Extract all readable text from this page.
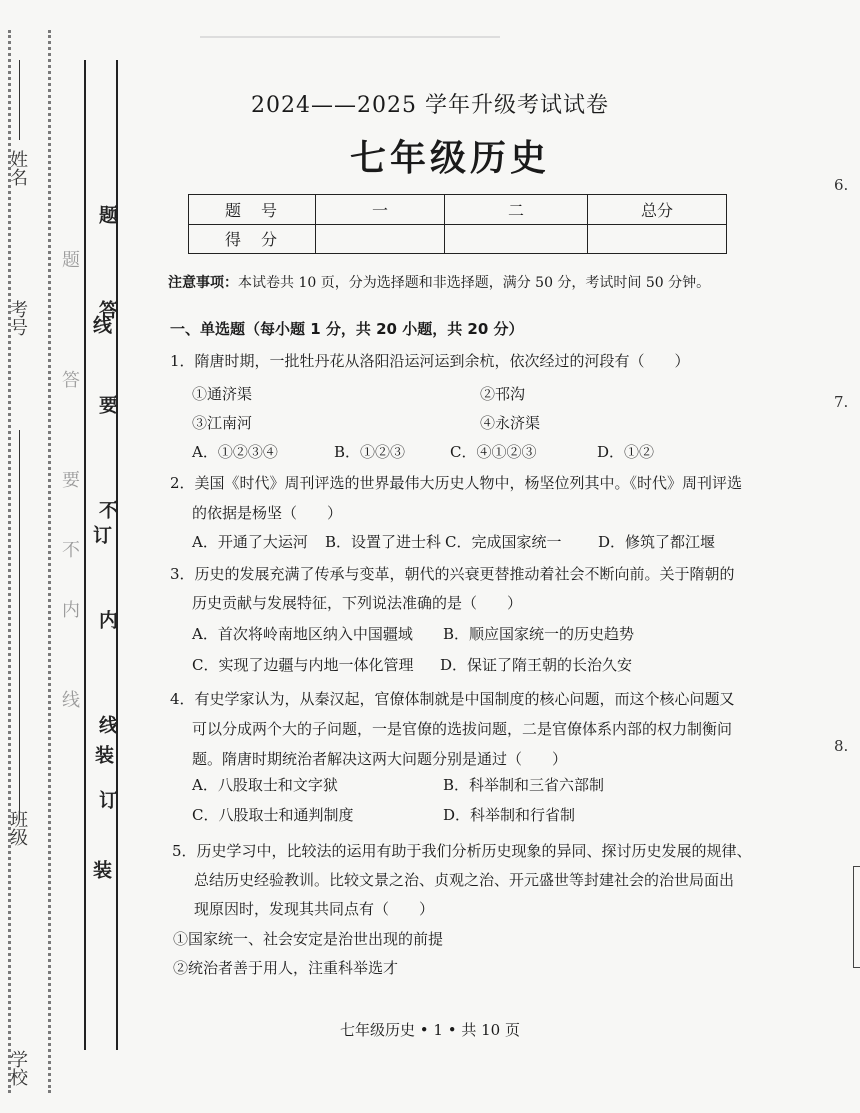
学校
班级
考号
姓名
装
订
线
装
订
线
内
不
要
答
题
线
内
不
要
答
题
6.
7.
8.
2024——2025 学年升级考试试卷
七年级历史
题　号	一	二	总分
得　分			
注意事项：本试卷共 10 页，分为选择题和非选择题，满分 50 分，考试时间 50 分钟。
一、单选题（每小题 1 分，共 20 小题，共 20 分）
1．隋唐时期，一批牡丹花从洛阳沿运河运到余杭，依次经过的河段有（　　）
①通济渠	②邗沟
③江南河	④永济渠
A．①②③④	B．①②③	C．④①②③	D．①②
2．美国《时代》周刊评选的世界最伟大历史人物中，杨坚位列其中。《时代》周刊评选
的依据是杨坚（　　）
A．开通了大运河 B．设置了进士科 C．完成国家统一 D．修筑了都江堰
3．历史的发展充满了传承与变革，朝代的兴衰更替推动着社会不断向前。关于隋朝的
历史贡献与发展特征，下列说法准确的是（　　）
A．首次将岭南地区纳入中国疆域 B．顺应国家统一的历史趋势
C．实现了边疆与内地一体化管理 D．保证了隋王朝的长治久安
4．有史学家认为，从秦汉起，官僚体制就是中国制度的核心问题，而这个核心问题又
可以分成两个大的子问题，一是官僚的选拔问题，二是官僚体系内部的权力制衡问
题。隋唐时期统治者解决这两大问题分别是通过（　　）
A．八股取士和文字狱	B．科举制和三省六部制
C．八股取士和通判制度	D．科举制和行省制
5．历史学习中，比较法的运用有助于我们分析历史现象的异同、探讨历史发展的规律、
总结历史经验教训。比较文景之治、贞观之治、开元盛世等封建社会的治世局面出
现原因时，发现其共同点有（　　）
①国家统一、社会安定是治世出现的前提
②统治者善于用人，注重科举选才
七年级历史 • 1 • 共 10 页
